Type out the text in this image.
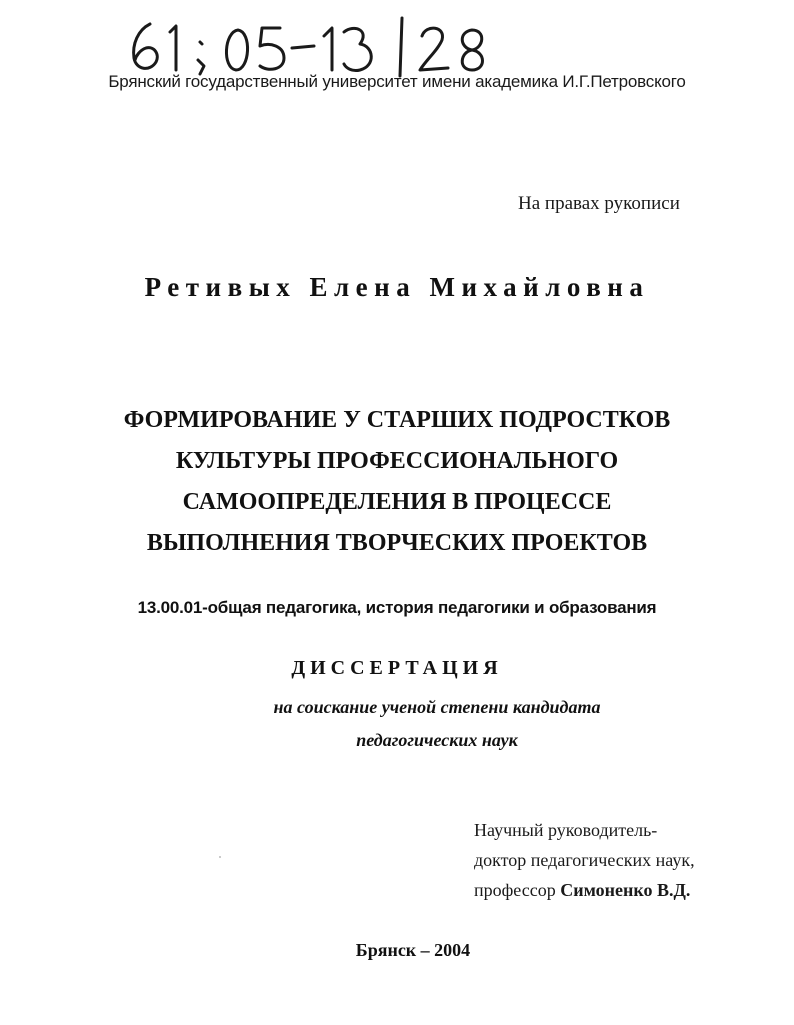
Брянский государственный университет имени академика И.Г.Петровского
На правах рукописи
Ретивых Елена Михайловна
ФОРМИРОВАНИЕ У СТАРШИХ ПОДРОСТКОВ
КУЛЬТУРЫ ПРОФЕССИОНАЛЬНОГО
САМООПРЕДЕЛЕНИЯ В ПРОЦЕССЕ
ВЫПОЛНЕНИЯ ТВОРЧЕСКИХ ПРОЕКТОВ
13.00.01-общая педагогика, история педагогики и образования
ДИССЕРТАЦИЯ
на соискание ученой степени кандидата
педагогических наук
Научный руководитель-
доктор педагогических наук,
профессор Симоненко В.Д.
Брянск – 2004
